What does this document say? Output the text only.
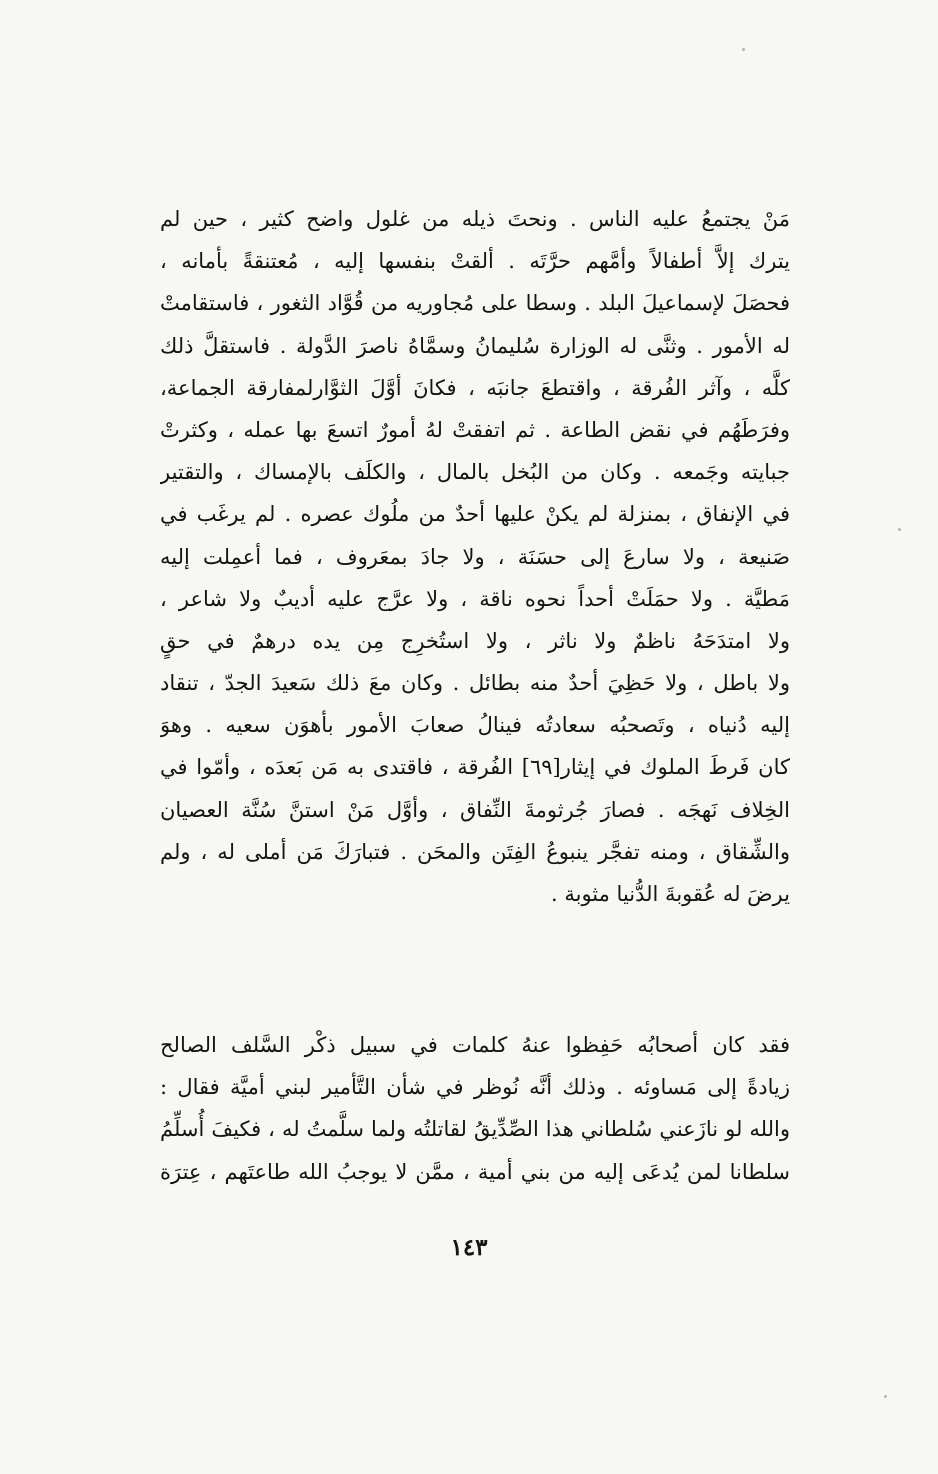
مَنْ يجتمعُ عليه الناس . ونحتَ ذيله من غلول واضح كثير ، حين لم
يترك إلاَّ أطفالاً وأمَّهم حرَّتَه . ألقتْ بنفسها إليه ، مُعتنقةً بأمانه ،
فحصَلَ لإسماعيلَ البلد . وسطا على مُجاوريه من قُوَّاد الثغور ، فاستقامتْ
له الأمور . وثنَّى له الوزارة سُليمانُ وسمَّاهُ ناصرَ الدَّولة . فاستقلَّ ذلك
كلَّه ، وآثر الفُرقة ، واقتطعَ جانبَه ، فكانَ أوَّلَ الثوَّارلمفارقة الجماعة،
وفرَطَهُم في نقض الطاعة . ثم اتفقتْ لهُ أمورٌ اتسعَ بها عمله ، وكثرتْ
جبايته وجَمعه . وكان من البُخل بالمال ، والكلَف بالإمساك ، والتقتير
في الإنفاق ، بمنزلة لم يكنْ عليها أحدٌ من ملُوك عصره . لم يرغَب في
صَنيعة ، ولا سارعَ إلى حسَنَة ، ولا جادَ بمعَروف ، فما أعمِلت إليه
مَطيَّة . ولا حمَلَتْ أحداً نحوه ناقة ، ولا عرَّج عليه أديبٌ ولا شاعر ،
ولا امتدَحَهُ ناظمٌ ولا ناثر ، ولا استُخرِج مِن يده درهمٌ في حقٍ
ولا باطل ، ولا حَظِيَ أحدٌ منه بطائل . وكان معَ ذلك سَعيدَ الجدّ ، تنقاد
إليه دُنياه ، وتَصحبُه سعادتُه فينالُ صعابَ الأمور بأهوَن سعيه . وهوَ
كان فَرطَ الملوك في إيثار[٦٩] الفُرقة ، فاقتدى به مَن بَعدَه ، وأمّوا في
الخِلاف نَهجَه . فصارَ جُرثومةَ النِّفاق ، وأوَّل مَنْ استنَّ سُنَّة العصيان
والشِّقاق ، ومنه تفجَّر ينبوعُ الفِتَن والمحَن . فتبارَكَ مَن أملى له ، ولم
يرضَ له عُقوبةَ الدُّنيا مثوبة .
فقد كان أصحابُه حَفِظوا عنهُ كلمات في سبيل ذكْر السَّلف الصالح
زيادةً إلى مَساوئه . وذلك أنَّه نُوظر في شأن التَّأمير لبني أميَّة فقال :
والله لو نازَعني سُلطاني هذا الصِّدِّيقُ لقاتلتُه ولما سلَّمتُ له ، فكيفَ أُسلِّمُ
سلطانا لمن يُدعَى إليه من بني أمية ، ممَّن لا يوجبُ الله طاعتَهم ، عِترَة
١٤٣
